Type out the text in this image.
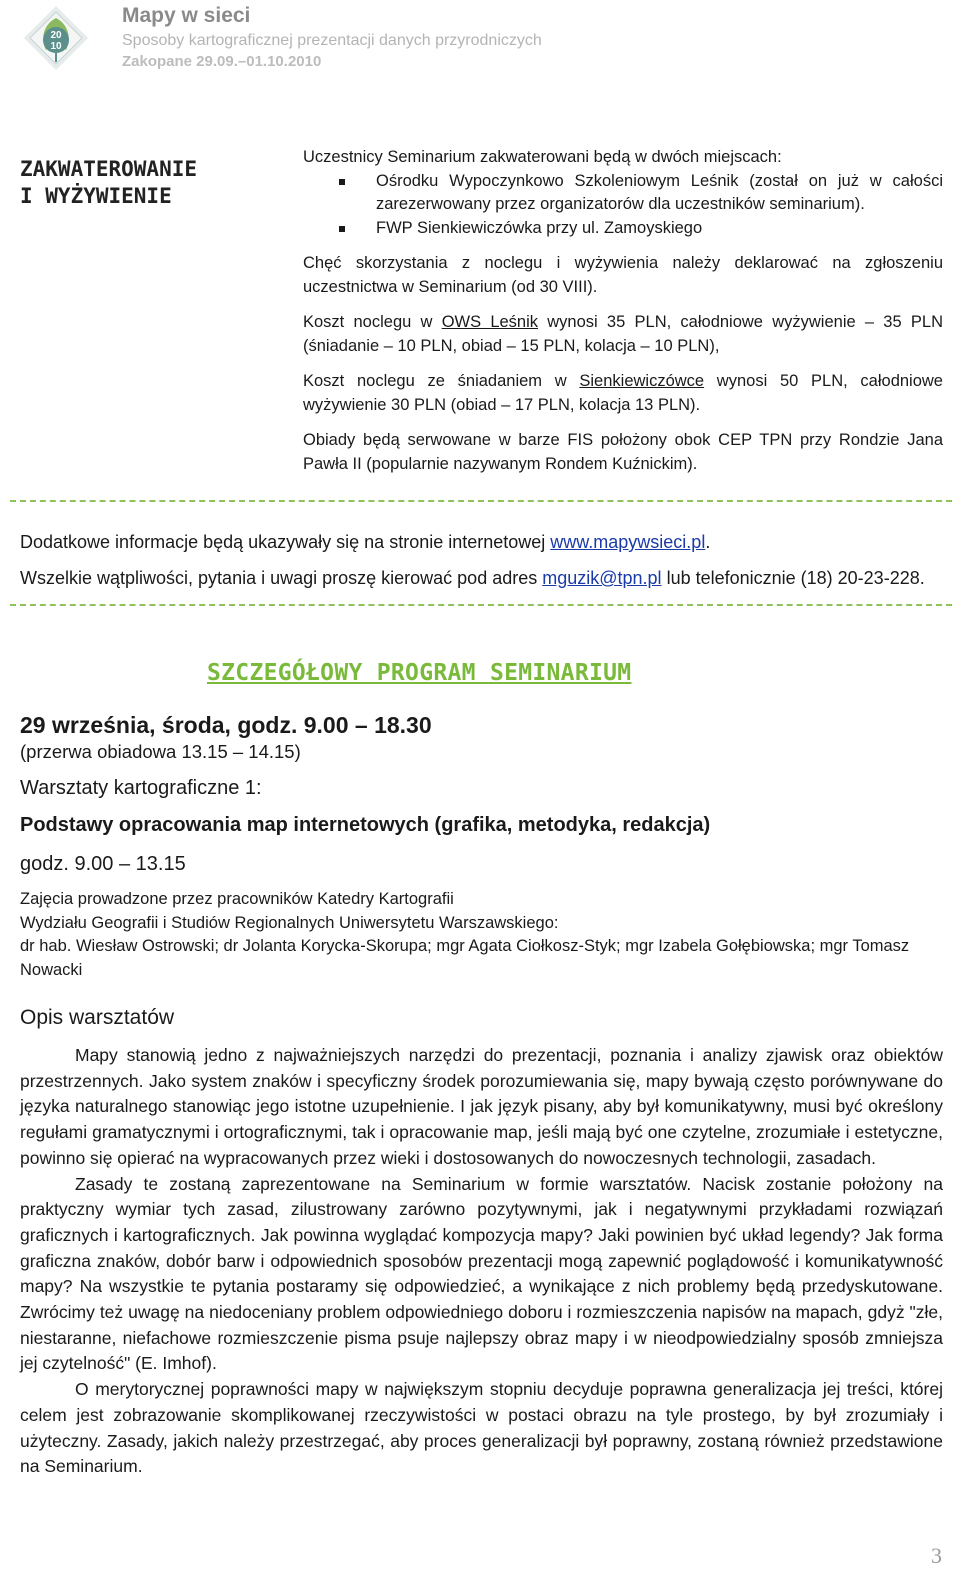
20
10
Mapy w sieci
Sposoby kartograficznej prezentacji danych przyrodniczych
Zakopane 29.09.–01.10.2010
ZAKWATEROWANIE
I WYŻYWIENIE

Uczestnicy Seminarium zakwaterowani będą w dwóch miejscach:

Ośrodku Wypoczynkowo Szkoleniowym Leśnik (został on już w całości zarezerwowany przez organizatorów dla uczestników seminarium).
FWP Sienkiewiczówka przy ul. Zamoyskiego

Chęć skorzystania z noclegu i wyżywienia należy deklarować na zgłoszeniu uczestnictwa w Seminarium (od 30 VIII).

Koszt noclegu w OWS Leśnik wynosi 35 PLN, całodniowe wyżywienie – 35 PLN (śniadanie – 10 PLN, obiad – 15 PLN, kolacja – 10 PLN),

Koszt noclegu ze śniadaniem w Sienkiewiczówce wynosi 50 PLN, całodniowe wyżywienie 30 PLN (obiad – 17 PLN, kolacja 13 PLN).

Obiady będą serwowane w barze FIS położony obok CEP TPN przy Rondzie Jana Pawła II (popularnie nazywanym Rondem Kuźnickim).

Dodatkowe informacje będą ukazywały się na stronie internetowej www.mapywsieci.pl.
Wszelkie wątpliwości, pytania i uwagi proszę kierować pod adres mguzik@tpn.pl lub telefonicznie (18) 20-23-228.
SZCZEGÓŁOWY PROGRAM SEMINARIUM
29 września, środa, godz. 9.00 – 18.30
(przerwa obiadowa 13.15 – 14.15)
Warsztaty kartograficzne 1:
Podstawy opracowania map internetowych (grafika, metodyka, redakcja)
godz. 9.00 – 13.15
Zajęcia prowadzone przez pracowników Katedry Kartografii
Wydziału Geografii i Studiów Regionalnych Uniwersytetu Warszawskiego:
dr hab. Wiesław Ostrowski; dr Jolanta Korycka-Skorupa; mgr Agata Ciołkosz-Styk; mgr Izabela Gołębiowska; mgr Tomasz Nowacki
Opis warsztatów

Mapy stanowią jedno z najważniejszych narzędzi do prezentacji, poznania i analizy zjawisk oraz obiektów przestrzennych. Jako system znaków i specyficzny środek porozumiewania się, mapy bywają często porównywane do języka naturalnego stanowiąc jego istotne uzupełnienie. I jak język pisany, aby był komunikatywny, musi być określony regułami gramatycznymi i ortograficznymi, tak i opracowanie map, jeśli mają być one czytelne, zrozumiałe i estetyczne, powinno się opierać na wypracowanych przez wieki i dostosowanych do nowoczesnych technologii, zasadach.

Zasady te zostaną zaprezentowane na Seminarium w formie warsztatów. Nacisk zostanie położony na praktyczny wymiar tych zasad, zilustrowany zarówno pozytywnymi, jak i negatywnymi przykładami rozwiązań graficznych i kartograficznych. Jak powinna wyglądać kompozycja mapy? Jaki powinien być układ legendy? Jak forma graficzna znaków, dobór barw i odpowiednich sposobów prezentacji mogą zapewnić poglądowość i komunikatywność mapy? Na wszystkie te pytania postaramy się odpowiedzieć, a wynikające z nich problemy będą przedyskutowane. Zwrócimy też uwagę na niedoceniany problem odpowiedniego doboru i rozmieszczenia napisów na mapach, gdyż "złe, niestaranne, niefachowe rozmieszczenie pisma psuje najlepszy obraz mapy i w nieodpowiedzialny sposób zmniejsza jej czytelność" (E. Imhof).

O merytorycznej poprawności mapy w największym stopniu decyduje poprawna generalizacja jej treści, której celem jest zobrazowanie skomplikowanej rzeczywistości w postaci obrazu na tyle prostego, by był zrozumiały i użyteczny. Zasady, jakich należy przestrzegać, aby proces generalizacji był poprawny, zostaną również przedstawione na Seminarium.

3
